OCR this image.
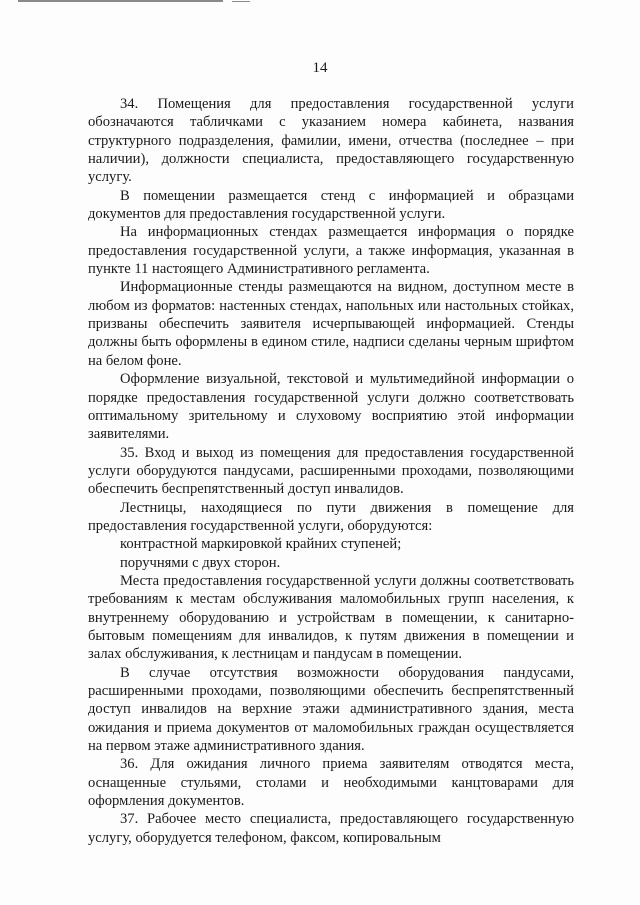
14

34. Помещения для предоставления государственной услуги обозначаются табличками с указанием номера кабинета, названия структурного подразделения, фамилии, имени, отчества (последнее – при наличии), должности специалиста, предоставляющего государственную услугу.

В помещении размещается стенд с информацией и образцами документов для предоставления государственной услуги.

На информационных стендах размещается информация о порядке предоставления государственной услуги, а также информация, указанная в пункте 11 настоящего Административного регламента.

Информационные стенды размещаются на видном, доступном месте в любом из форматов: настенных стендах, напольных или настольных стойках, призваны обеспечить заявителя исчерпывающей информацией. Стенды должны быть оформлены в едином стиле, надписи сделаны черным шрифтом на белом фоне.

Оформление визуальной, текстовой и мультимедийной информации о порядке предоставления государственной услуги должно соответствовать оптимальному зрительному и слуховому восприятию этой информации заявителями.

35. Вход и выход из помещения для предоставления государственной услуги оборудуются пандусами, расширенными проходами, позволяющими обеспечить беспрепятственный доступ инвалидов.

Лестницы, находящиеся по пути движения в помещение для предоставления государственной услуги, оборудуются:

контрастной маркировкой крайних ступеней;

поручнями с двух сторон.

Места предоставления государственной услуги должны соответствовать требованиям к местам обслуживания маломобильных групп населения, к внутреннему оборудованию и устройствам в помещении, к санитарно-бытовым помещениям для инвалидов, к путям движения в помещении и залах обслуживания, к лестницам и пандусам в помещении.

В случае отсутствия возможности оборудования пандусами, расширенными проходами, позволяющими обеспечить беспрепятственный доступ инвалидов на верхние этажи административного здания, места ожидания и приема документов от маломобильных граждан осуществляется на первом этаже административного здания.

36. Для ожидания личного приема заявителям отводятся места, оснащенные стульями, столами и необходимыми канцтоварами для оформления документов.

37. Рабочее место специалиста, предоставляющего государственную услугу, оборудуется телефоном, факсом, копировальным
